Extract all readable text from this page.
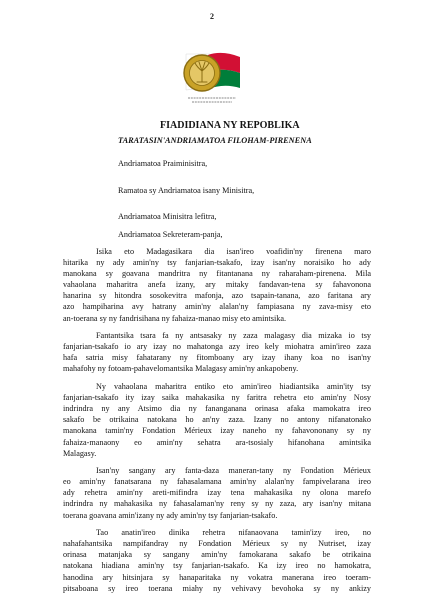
2
FIADIDIANA NY REPOBLIKA
TARATASIN'ANDRIAMATOA FILOHAM-PIRENENA
Andriamatoa Praiminisitra,
Ramatoa sy Andriamatoa isany Minisitra,
Andriamatoa Minisitra lefitra,
Andriamatoa Sekreteram-panja,
Isika eto Madagasikara dia isan'ireo voafidin'ny firenena maro
hitarika ny ady amin'ny tsy fanjarian-tsakafo, izay isan'ny noraisiko ho ady
manokana sy goavana mandritra ny fitantanana ny raharaham-pirenena. Mila
vahaolana maharitra anefa izany, ary mitaky fandavan-tena sy fahavonona
hanarina sy hitondra sosokevitra mafonja, azo tsapain-tanana, azo faritana ary
azo hampiharina avy hatrany amin'ny alalan'ny fampiasana ny zava-misy eto
an-toerana sy ny fandrisihana ny fahaiza-manao misy eto amintsika.
Fantantsika tsara fa ny antsasaky ny zaza malagasy dia mizaka io tsy
fanjarian-tsakafo io ary izay no mahatonga azy ireo kely miohatra amin'ireo zaza
hafa satria misy fahatarany ny fitomboany ary izay ihany koa no isan'ny
mahafohy ny fotoam-pahavelomantsika Malagasy amin'ny ankapobeny.
Ny vahaolana maharitra entiko eto amin'ireo hiadiantsika amin'ity tsy
fanjarian-tsakafo ity izay saika mahakasika ny faritra rehetra eto amin'ny Nosy
indrindra ny any Atsimo dia ny fananganana orinasa afaka mamokatra ireo
sakafo be otrikaina natokana ho an'ny zaza. Izany no antony nifanatonako
manokana tamin'ny Fondation Mérieux izay naneho ny fahavononany sy ny
fahaiza-manaony eo amin'ny sehatra ara-tsosialy hifanohana amintsika
Malagasy.
Isan'ny sangany ary fanta-daza maneran-tany ny Fondation Mérieux
eo amin'ny fanatsarana ny fahasalamana amin'ny alalan'ny fampivelarana ireo
ady rehetra amin'ny areti-mifindra izay tena mahakasika ny olona marefo
indrindra ny mahakasika ny fahasalaman'ny reny sy ny zaza, ary isan'ny mitana
toerana goavana amin'izany ny ady amin'ny tsy fanjarian-tsakafo.
Tao anatin'ireo dinika rehetra nifanaovana tamin'izy ireo, no
nahafahantsika nampifandray ny Fondation Mérieux sy ny Nutriset, izay
orinasa matanjaka sy sangany amin'ny famokarana sakafo be otrikaina
natokana hiadiana amin'ny tsy fanjarian-tsakafo. Ka izy ireo no hamokatra,
hanodina ary hitsinjara sy hanaparitaka ny vokatra manerana ireo toeram-
pitsaboana sy ireo toerana miahy ny vehivavy bevohoka sy ny ankizy
